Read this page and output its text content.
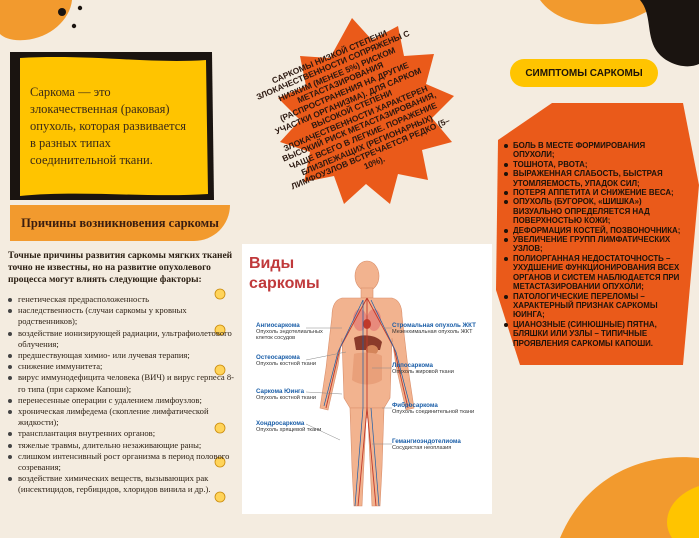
Саркома — это злокачественная (раковая) опухоль, которая развивается в разных типах соединительной ткани.
САРКОМЫ НИЗКОЙ СТЕПЕНИ ЗЛОКАЧЕСТВЕННОСТИ СОПРЯЖЕНЫ С НИЗКИМ (МЕНЕЕ 5%) РИСКОМ МЕТАСТАЗИРОВАНИЯ (РАСПРОСТРАНЕНИЯ НА ДРУГИЕ УЧАСТКИ ОРГАНИЗМА). ДЛЯ САРКОМ ВЫСОКОЙ СТЕПЕНИ ЗЛОКАЧЕСТВЕННОСТИ ХАРАКТЕРЕН ВЫСОКИЙ РИСК МЕТАСТАЗИРОВАНИЯ, ЧАЩЕ ВСЕГО В ЛЕГКИЕ. ПОРАЖЕНИЕ БЛИЗЛЕЖАЩИХ (РЕГИОНАРНЫХ) ЛИМФОУЗЛОВ ВСТРЕЧАЕТСЯ РЕДКО (5–10%).
Причины возникновения саркомы
Точные причины развития саркомы мягких тканей точно не известны, но на развитие опухолевого процесса могут влиять следующие факторы:
генетическая предрасположенность
наследственность (случаи саркомы у кровных родственников);
воздействие ионизирующей радиации, ультрафиолетового облучения;
предшествующая химио- или лучевая терапия;
снижение иммунитета;
вирус иммунодефицита человека (ВИЧ) и вирус герпеса 8-го типа (при саркоме Капоши);
перенесенные операции с удалением лимфоузлов;
хроническая лимфедема (скопление лимфатической жидкости);
трансплантация внутренних органов;
тяжелые травмы, длительно незаживающие раны;
слишком интенсивный рост организма в период полового созревания;
воздействие химических веществ, вызывающих рак (инсектицидов, гербицидов, хлоридов винила и др.).
Виды
саркомы
Ангиосаркома
Опухоль эндотелиальных
клеток сосудов
Остеосаркома
Опухоль костной ткани
Саркома Юинга
Опухоль костной ткани
Хондросаркома
Опухоль хрящевой ткани
Стромальная опухоль ЖКТ
Мезенхимальная опухоль ЖКТ
Липосаркома
Опухоль жировой ткани
Фибросаркома
Опухоль соединительной ткани
Гемангиоэндотелиома
Сосудистая неоплазия
СИМПТОМЫ САРКОМЫ
БОЛЬ В МЕСТЕ ФОРМИРОВАНИЯ ОПУХОЛИ;
ТОШНОТА, РВОТА;
ВЫРАЖЕННАЯ СЛАБОСТЬ, БЫСТРАЯ УТОМЛЯЕМОСТЬ, УПАДОК СИЛ;
ПОТЕРЯ АППЕТИТА И СНИЖЕНИЕ ВЕСА;
ОПУХОЛЬ (БУГОРОК, «ШИШКА») ВИЗУАЛЬНО ОПРЕДЕЛЯЕТСЯ НАД ПОВЕРХНОСТЬЮ КОЖИ;
ДЕФОРМАЦИЯ КОСТЕЙ, ПОЗВОНОЧНИКА;
УВЕЛИЧЕНИЕ ГРУПП ЛИМФАТИЧЕСКИХ УЗЛОВ;
ПОЛИОРГАННАЯ НЕДОСТАТОЧНОСТЬ – УХУДШЕНИЕ ФУНКЦИОНИРОВАНИЯ ВСЕХ ОРГАНОВ И СИСТЕМ НАБЛЮДАЕТСЯ ПРИ МЕТАСТАЗИРОВАНИИ ОПУХОЛИ;
ПАТОЛОГИЧЕСКИЕ ПЕРЕЛОМЫ – ХАРАКТЕРНЫЙ ПРИЗНАК САРКОМЫ ЮИНГА;
ЦИАНОЗНЫЕ (СИНЮШНЫЕ) ПЯТНА, БЛЯШКИ ИЛИ УЗЛЫ – ТИПИЧНЫЕ ПРОЯВЛЕНИЯ САРКОМЫ КАПОШИ.
